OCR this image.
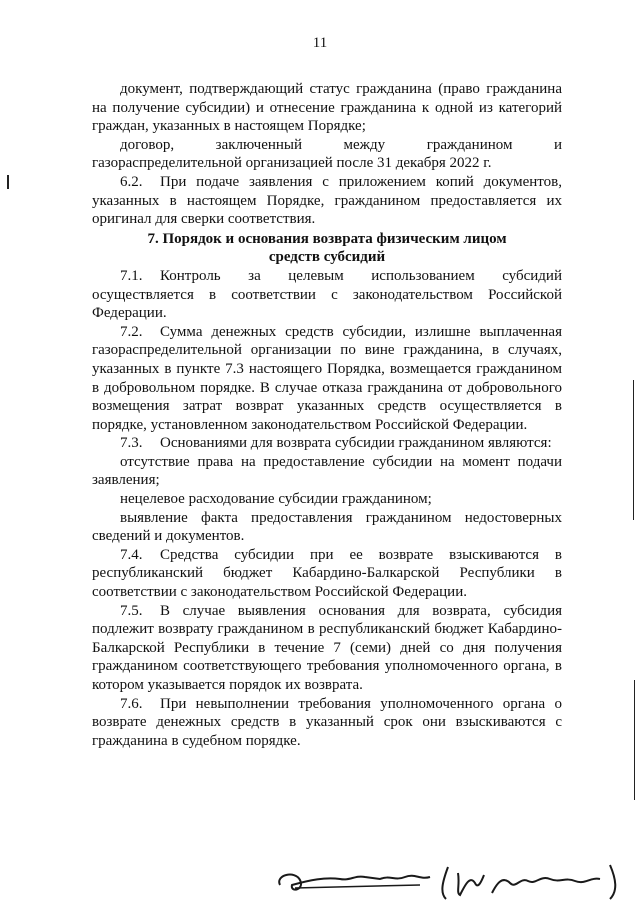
11

документ, подтверждающий статус гражданина (право гражданина на получение субсидии) и отнесение гражданина к одной из категорий граждан, указанных в настоящем Порядке;

договор, заключенный между гражданином и газораспределительной организацией после 31 декабря 2022 г.

6.2. При подаче заявления с приложением копий документов, указанных в настоящем Порядке, гражданином предоставляется их оригинал для сверки соответствия.

7. Порядок и основания возврата физическим лицом средств субсидий

7.1. Контроль за целевым использованием субсидий осуществляется в соответствии с законодательством Российской Федерации.

7.2. Сумма денежных средств субсидии, излишне выплаченная газораспределительной организации по вине гражданина, в случаях, указанных в пункте 7.3 настоящего Порядка, возмещается гражданином в добровольном порядке. В случае отказа гражданина от добровольного возмещения затрат возврат указанных средств осуществляется в порядке, установленном законодательством Российской Федерации.

7.3. Основаниями для возврата субсидии гражданином являются:

отсутствие права на предоставление субсидии на момент подачи заявления;

нецелевое расходование субсидии гражданином;

выявление факта предоставления гражданином недостоверных сведений и документов.

7.4. Средства субсидии при ее возврате взыскиваются в республиканский бюджет Кабардино-Балкарской Республики в соответствии с законодательством Российской Федерации.

7.5. В случае выявления основания для возврата, субсидия подлежит возврату гражданином в республиканский бюджет Кабардино-Балкарской Республики в течение 7 (семи) дней со дня получения гражданином соответствующего требования уполномоченного органа, в котором указывается порядок их возврата.

7.6. При невыполнении требования уполномоченного органа о возврате денежных средств в указанный срок они взыскиваются с гражданина в судебном порядке.
